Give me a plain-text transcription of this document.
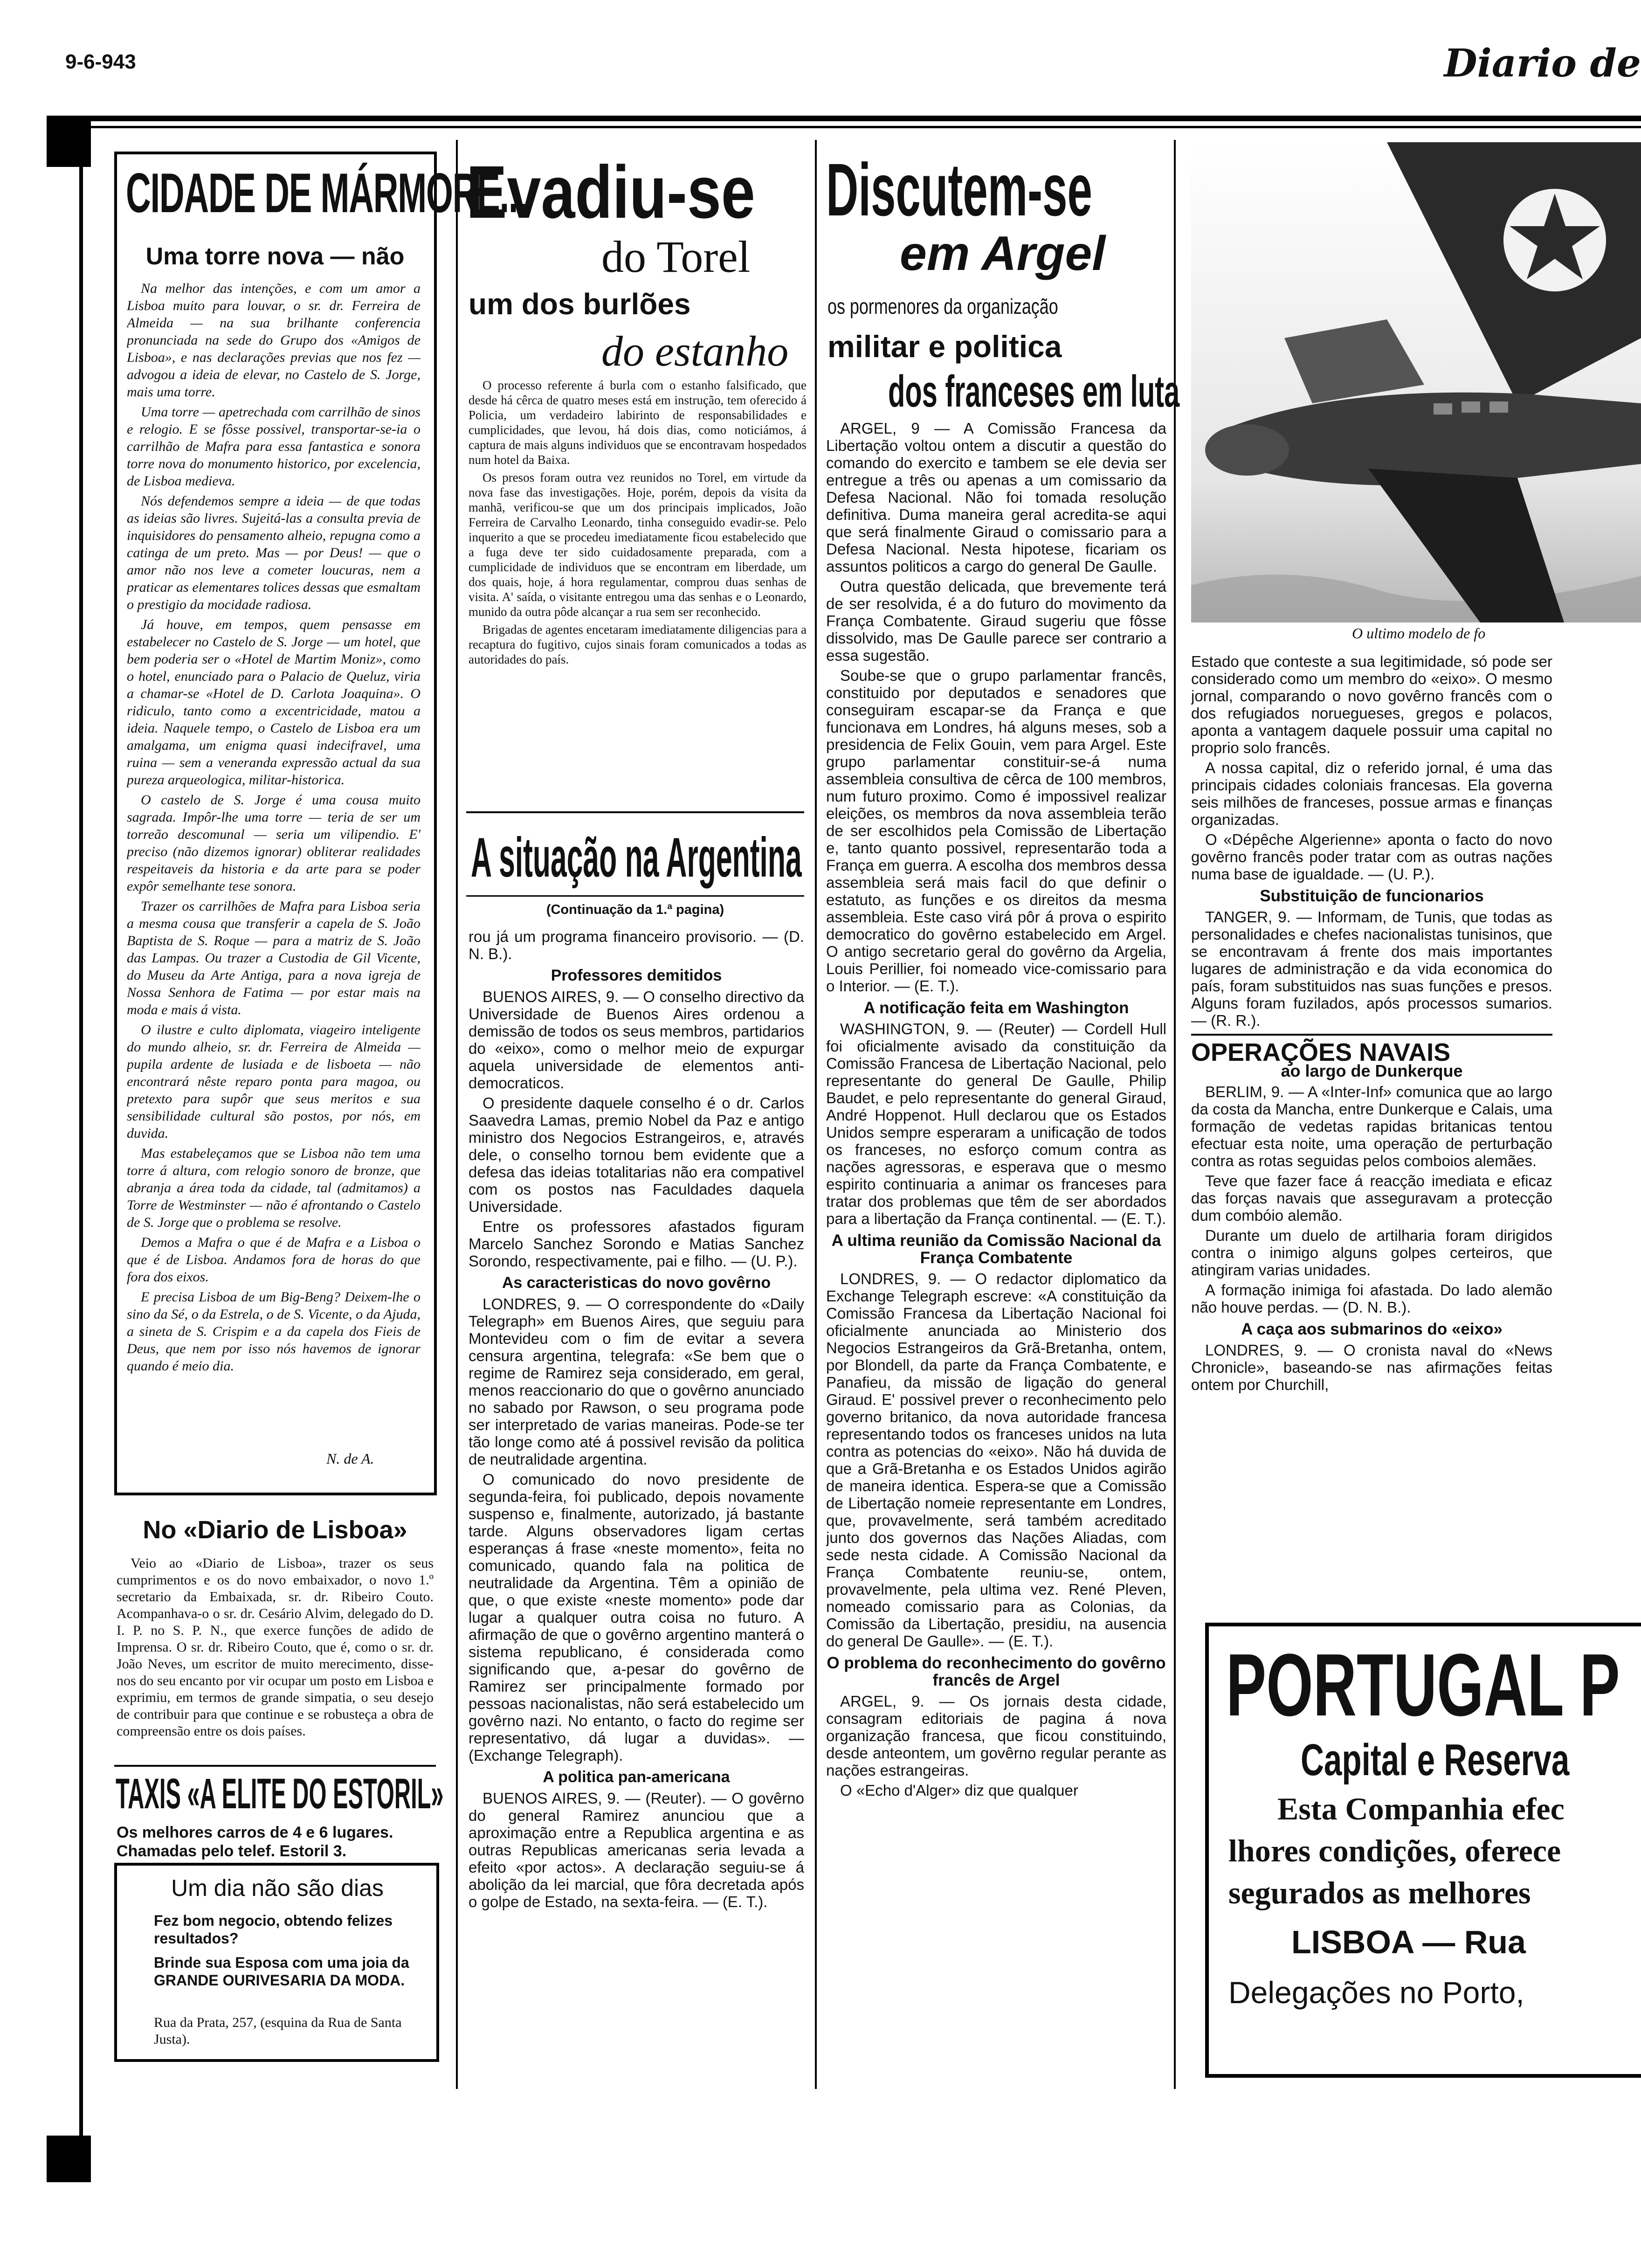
9-6-943	Diario de
CIDADE DE MÁRMORE...
Uma torre nova — não

Na melhor das intenções, e com um amor a Lisboa muito para louvar, o sr. dr. Ferreira de Almeida — na sua brilhante conferencia pronunciada na sede do Grupo dos «Amigos de Lisboa», e nas declarações previas que nos fez — advogou a ideia de elevar, no Castelo de S. Jorge, mais uma torre.

Uma torre — apetrechada com carrilhão de sinos e relogio. E se fôsse possivel, transportar-se-ia o carrilhão de Mafra para essa fantastica e sonora torre nova do monumento historico, por excelencia, de Lisboa medieva.

Nós defendemos sempre a ideia — de que todas as ideias são livres. Sujeitá-las a consulta previa de inquisidores do pensamento alheio, repugna como a catinga de um preto. Mas — por Deus! — que o amor não nos leve a cometer loucuras, nem a praticar as elementares tolices dessas que esmaltam o prestigio da mocidade radiosa.

Já houve, em tempos, quem pensasse em estabelecer no Castelo de S. Jorge — um hotel, que bem poderia ser o «Hotel de Martim Moniz», como o hotel, enunciado para o Palacio de Queluz, viria a chamar-se «Hotel de D. Carlota Joaquina». O ridiculo, tanto como a excentricidade, matou a ideia. Naquele tempo, o Castelo de Lisboa era um amalgama, um enigma quasi indecifravel, uma ruina — sem a veneranda expressão actual da sua pureza arqueologica, militar-historica.

O castelo de S. Jorge é uma cousa muito sagrada. Impôr-lhe uma torre — teria de ser um torreão descomunal — seria um vilipendio. E' preciso (não dizemos ignorar) obliterar realidades respeitaveis da historia e da arte para se poder expôr semelhante tese sonora.

Trazer os carrilhões de Mafra para Lisboa seria a mesma cousa que transferir a capela de S. João Baptista de S. Roque — para a matriz de S. João das Lampas. Ou trazer a Custodia de Gil Vicente, do Museu da Arte Antiga, para a nova igreja de Nossa Senhora de Fatima — por estar mais na moda e mais á vista.

O ilustre e culto diplomata, viageiro inteligente do mundo alheio, sr. dr. Ferreira de Almeida — pupila ardente de lusiada e de lisboeta — não encontrará nêste reparo ponta para magoa, ou pretexto para supôr que seus meritos e sua sensibilidade cultural são postos, por nós, em duvida.

Mas estabeleçamos que se Lisboa não tem uma torre á altura, com relogio sonoro de bronze, que abranja a área toda da cidade, tal (admitamos) a Torre de Westminster — não é afrontando o Castelo de S. Jorge que o problema se resolve.

Demos a Mafra o que é de Mafra e a Lisboa o que é de Lisboa. Andamos fora de horas do que fora dos eixos.

E precisa Lisboa de um Big-Beng? Deixem-lhe o sino da Sé, o da Estrela, o de S. Vicente, o da Ajuda, a sineta de S. Crispim e a da capela dos Fieis de Deus, que nem por isso nós havemos de ignorar quando é meio dia.

N. de A.
No «Diario de Lisboa»

Veio ao «Diario de Lisboa», trazer os seus cumprimentos e os do novo embaixador, o novo 1.º secretario da Embaixada, sr. dr. Ribeiro Couto. Acompanhava-o o sr. dr. Cesário Alvim, delegado do D. I. P. no S. P. N., que exerce funções de adido de Imprensa. O sr. dr. Ribeiro Couto, que é, como o sr. dr. João Neves, um escritor de muito merecimento, disse-nos do seu encanto por vir ocupar um posto em Lisboa e exprimiu, em termos de grande simpatia, o seu desejo de contribuir para que continue e se robusteça a obra de compreensão entre os dois países.

TAXIS «A ELITE DO ESTORIL»
Os melhores carros de 4 e 6 lugares. Chamadas pelo telef. Estoril 3.
Um dia não são dias
Fez bom negocio, obtendo felizes resultados?
Brinde sua Esposa com uma joia da GRANDE OURIVESARIA DA MODA.
Rua da Prata, 257, (esquina da Rua de Santa Justa).
Evadiu-se
do Torel
um dos burlões
do estanho

O processo referente á burla com o estanho falsificado, que desde há cêrca de quatro meses está em instrução, tem oferecido á Policia, um verdadeiro labirinto de responsabilidades e cumplicidades, que levou, há dois dias, como noticiámos, á captura de mais alguns individuos que se encontravam hospedados num hotel da Baixa.

Os presos foram outra vez reunidos no Torel, em virtude da nova fase das investigações. Hoje, porém, depois da visita da manhã, verificou-se que um dos principais implicados, João Ferreira de Carvalho Leonardo, tinha conseguido evadir-se. Pelo inquerito a que se procedeu imediatamente ficou estabelecido que a fuga deve ter sido cuidadosamente preparada, com a cumplicidade de individuos que se encontram em liberdade, um dos quais, hoje, á hora regulamentar, comprou duas senhas de visita. A' saída, o visitante entregou uma das senhas e o Leonardo, munido da outra pôde alcançar a rua sem ser reconhecido.

Brigadas de agentes encetaram imediatamente diligencias para a recaptura do fugitivo, cujos sinais foram comunicados a todas as autoridades do país.

A situação na Argentina
(Continuação da 1.ª pagina)

rou já um programa financeiro provisorio. — (D. N. B.).

Professores demitidos

BUENOS AIRES, 9. — O conselho directivo da Universidade de Buenos Aires ordenou a demissão de todos os seus membros, partidarios do «eixo», como o melhor meio de expurgar aquela universidade de elementos anti-democraticos.

O presidente daquele conselho é o dr. Carlos Saavedra Lamas, premio Nobel da Paz e antigo ministro dos Negocios Estrangeiros, e, através dele, o conselho tornou bem evidente que a defesa das ideias totalitarias não era compativel com os postos nas Faculdades daquela Universidade.

Entre os professores afastados figuram Marcelo Sanchez Sorondo e Matias Sanchez Sorondo, respectivamente, pai e filho. — (U. P.).

As caracteristicas do novo govêrno

LONDRES, 9. — O correspondente do «Daily Telegraph» em Buenos Aires, que seguiu para Montevideu com o fim de evitar a severa censura argentina, telegrafa: «Se bem que o regime de Ramirez seja considerado, em geral, menos reaccionario do que o govêrno anunciado no sabado por Rawson, o seu programa pode ser interpretado de varias maneiras. Pode-se ter tão longe como até á possivel revisão da politica de neutralidade argentina.

O comunicado do novo presidente de segunda-feira, foi publicado, depois novamente suspenso e, finalmente, autorizado, já bastante tarde. Alguns observadores ligam certas esperanças á frase «neste momento», feita no comunicado, quando fala na politica de neutralidade da Argentina. Têm a opinião de que, o que existe «neste momento» pode dar lugar a qualquer outra coisa no futuro. A afirmação de que o govêrno argentino manterá o sistema republicano, é considerada como significando que, a-pesar do govêrno de Ramirez ser principalmente formado por pessoas nacionalistas, não será estabelecido um govêrno nazi. No entanto, o facto do regime ser representativo, dá lugar a duvidas». — (Exchange Telegraph).

A politica pan-americana

BUENOS AIRES, 9. — (Reuter). — O govêrno do general Ramirez anunciou que a aproximação entre a Republica argentina e as outras Republicas americanas seria levada a efeito «por actos». A declaração seguiu-se á abolição da lei marcial, que fôra decretada após o golpe de Estado, na sexta-feira. — (E. T.).

Discutem-se
em Argel
os pormenores da organização
militar e politica
dos franceses em luta

ARGEL, 9 — A Comissão Francesa da Libertação voltou ontem a discutir a questão do comando do exercito e tambem se ele devia ser entregue a três ou apenas a um comissario da Defesa Nacional. Não foi tomada resolução definitiva. Duma maneira geral acredita-se aqui que será finalmente Giraud o comissario para a Defesa Nacional. Nesta hipotese, ficariam os assuntos politicos a cargo do general De Gaulle.

Outra questão delicada, que brevemente terá de ser resolvida, é a do futuro do movimento da França Combatente. Giraud sugeriu que fôsse dissolvido, mas De Gaulle parece ser contrario a essa sugestão.

Soube-se que o grupo parlamentar francês, constituido por deputados e senadores que conseguiram escapar-se da França e que funcionava em Londres, há alguns meses, sob a presidencia de Felix Gouin, vem para Argel. Este grupo parlamentar constituir-se-á numa assembleia consultiva de cêrca de 100 membros, num futuro proximo. Como é impossivel realizar eleições, os membros da nova assembleia terão de ser escolhidos pela Comissão de Libertação e, tanto quanto possivel, representarão toda a França em guerra. A escolha dos membros dessa assembleia será mais facil do que definir o estatuto, as funções e os direitos da mesma assembleia. Este caso virá pôr á prova o espirito democratico do govêrno estabelecido em Argel. O antigo secretario geral do govêrno da Argelia, Louis Perillier, foi nomeado vice-comissario para o Interior. — (E. T.).

A notificação feita em Washington

WASHINGTON, 9. — (Reuter) — Cordell Hull foi oficialmente avisado da constituição da Comissão Francesa de Libertação Nacional, pelo representante do general De Gaulle, Philip Baudet, e pelo representante do general Giraud, André Hoppenot. Hull declarou que os Estados Unidos sempre esperaram a unificação de todos os franceses, no esforço comum contra as nações agressoras, e esperava que o mesmo espirito continuaria a animar os franceses para tratar dos problemas que têm de ser abordados para a libertação da França continental. — (E. T.).

A ultima reunião da Comissão Nacional da França Combatente

LONDRES, 9. — O redactor diplomatico da Exchange Telegraph escreve: «A constituição da Comissão Francesa da Libertação Nacional foi oficialmente anunciada ao Ministerio dos Negocios Estrangeiros da Grã-Bretanha, ontem, por Blondell, da parte da França Combatente, e Panafieu, da missão de ligação do general Giraud. E' possivel prever o reconhecimento pelo governo britanico, da nova autoridade francesa representando todos os franceses unidos na luta contra as potencias do «eixo». Não há duvida de que a Grã-Bretanha e os Estados Unidos agirão de maneira identica. Espera-se que a Comissão de Libertação nomeie representante em Londres, que, provavelmente, será também acreditado junto dos governos das Nações Aliadas, com sede nesta cidade. A Comissão Nacional da França Combatente reuniu-se, ontem, provavelmente, pela ultima vez. René Pleven, nomeado comissario para as Colonias, da Comissão da Libertação, presidiu, na ausencia do general De Gaulle». — (E. T.).

O problema do reconhecimento do govêrno francês de Argel

ARGEL, 9. — Os jornais desta cidade, consagram editoriais de pagina á nova organização francesa, que ficou constituindo, desde anteontem, um govêrno regular perante as nações estrangeiras.

O «Echo d'Alger» diz que qualquer

O ultimo modelo de fo

Estado que conteste a sua legitimidade, só pode ser considerado como um membro do «eixo». O mesmo jornal, comparando o novo govêrno francês com o dos refugiados noruegueses, gregos e polacos, aponta a vantagem daquele possuir uma capital no proprio solo francês.

A nossa capital, diz o referido jornal, é uma das principais cidades coloniais francesas. Ela governa seis milhões de franceses, possue armas e finanças organizadas.

O «Dépêche Algerienne» aponta o facto do novo govêrno francês poder tratar com as outras nações numa base de igualdade. — (U. P.).

Substituição de funcionarios

TANGER, 9. — Informam, de Tunis, que todas as personalidades e chefes nacionalistas tunisinos, que se encontravam á frente dos mais importantes lugares de administração e da vida economica do país, foram substituidos nas suas funções e presos. Alguns foram fuzilados, após processos sumarios. — (R. R.).

OPERAÇÕES NAVAIS
ao largo de Dunkerque

BERLIM, 9. — A «Inter-Inf» comunica que ao largo da costa da Mancha, entre Dunkerque e Calais, uma formação de vedetas rapidas britanicas tentou efectuar esta noite, uma operação de perturbação contra as rotas seguidas pelos comboios alemães.

Teve que fazer face á reacção imediata e eficaz das forças navais que asseguravam a protecção dum combóio alemão.

Durante um duelo de artilharia foram dirigidos contra o inimigo alguns golpes certeiros, que atingiram varias unidades.

A formação inimiga foi afastada. Do lado alemão não houve perdas. — (D. N. B.).

A caça aos submarinos do «eixo»

LONDRES, 9. — O cronista naval do «News Chronicle», baseando-se nas afirmações feitas ontem por Churchill,

PORTUGAL P
Capital e Reserva
Esta Companhia efec
lhores condições, oferece
segurados as melhores
LISBOA — Rua
Delegações no Porto,
